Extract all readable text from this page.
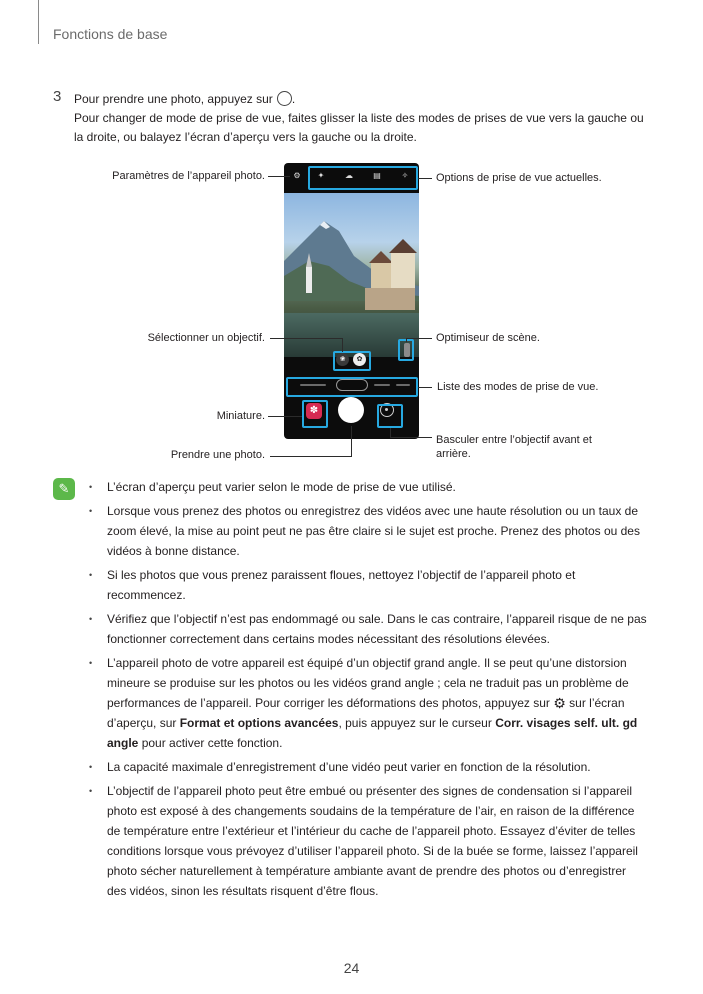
Fonctions de base
3 Pour prendre une photo, appuyez sur .
Pour changer de mode de prise de vue, faites glisser la liste des modes de prises de vue vers la gauche ou
la droite, ou balayez l’écran d’aperçu vers la gauche ou la droite.
⚙ ✦	☁	▤	✧
❀	✿
✽
Paramètres de l’appareil photo.	Options de prise de vue actuelles.
Sélectionner un objectif.	Optimiseur de scène.
Liste des modes de prise de vue.
Miniature.
Prendre une photo.
Basculer entre l’objectif avant et
arrière.
✎
•	L’écran d’aperçu peut varier selon le mode de prise de vue utilisé.
• Lorsque vous prenez des photos ou enregistrez des vidéos avec une haute résolution ou un taux de
zoom élevé, la mise au point peut ne pas être claire si le sujet est proche. Prenez des photos ou des
vidéos à bonne distance.
• Si les photos que vous prenez paraissent floues, nettoyez l’objectif de l’appareil photo et
recommencez.
• Vérifiez que l’objectif n’est pas endommagé ou sale. Dans le cas contraire, l’appareil risque de ne pas
fonctionner correctement dans certains modes nécessitant des résolutions élevées.
• L’appareil photo de votre appareil est équipé d’un objectif grand angle. Il se peut qu’une distorsion
mineure se produise sur les photos ou les vidéos grand angle ; cela ne traduit pas un problème de
performances de l’appareil. Pour corriger les déformations des photos, appuyez sur ⚙ sur l’écran
d’aperçu, sur Format et options avancées, puis appuyez sur le curseur Corr. visages self. ult. gd
angle pour activer cette fonction.
• La capacité maximale d’enregistrement d’une vidéo peut varier en fonction de la résolution.
• L’objectif de l’appareil photo peut être embué ou présenter des signes de condensation si l’appareil
photo est exposé à des changements soudains de la température de l’air, en raison de la différence
de température entre l’extérieur et l’intérieur du cache de l’appareil photo. Essayez d’éviter de telles
conditions lorsque vous prévoyez d’utiliser l’appareil photo. Si de la buée se forme, laissez l’appareil
photo sécher naturellement à température ambiante avant de prendre des photos ou d’enregistrer
des vidéos, sinon les résultats risquent d’être flous.
24
